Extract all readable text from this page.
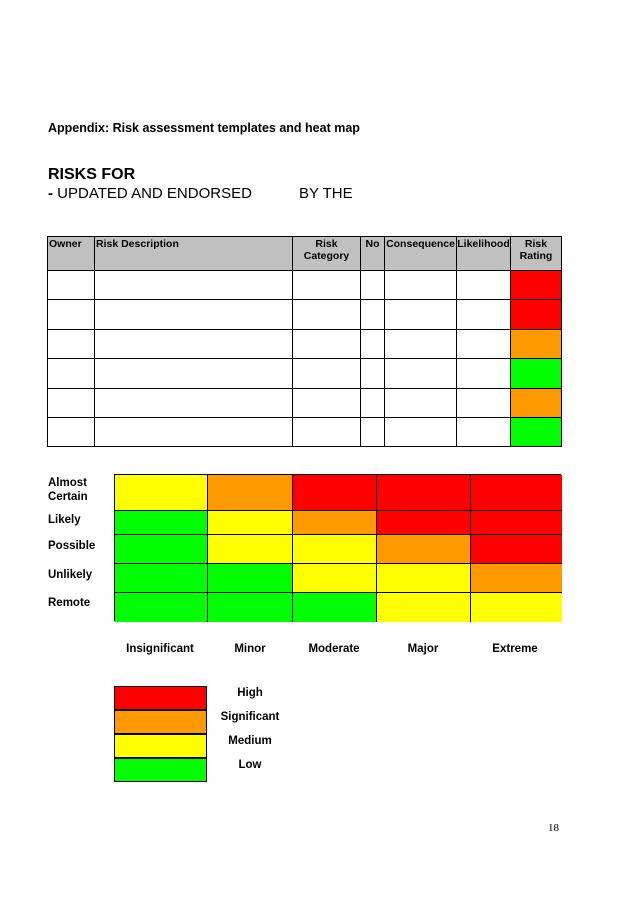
Appendix: Risk assessment templates and heat map
RISKS FOR
- UPDATED AND ENDORSED	BY THE
Owner	Risk Description	Risk Category	No	Consequence	Likelihood	Risk Rating

Almost Certain
Likely
Possible
Unlikely
Remote
Insignificant	Minor	Moderate	Major	Extreme
High
Significant
Medium
Low
18
